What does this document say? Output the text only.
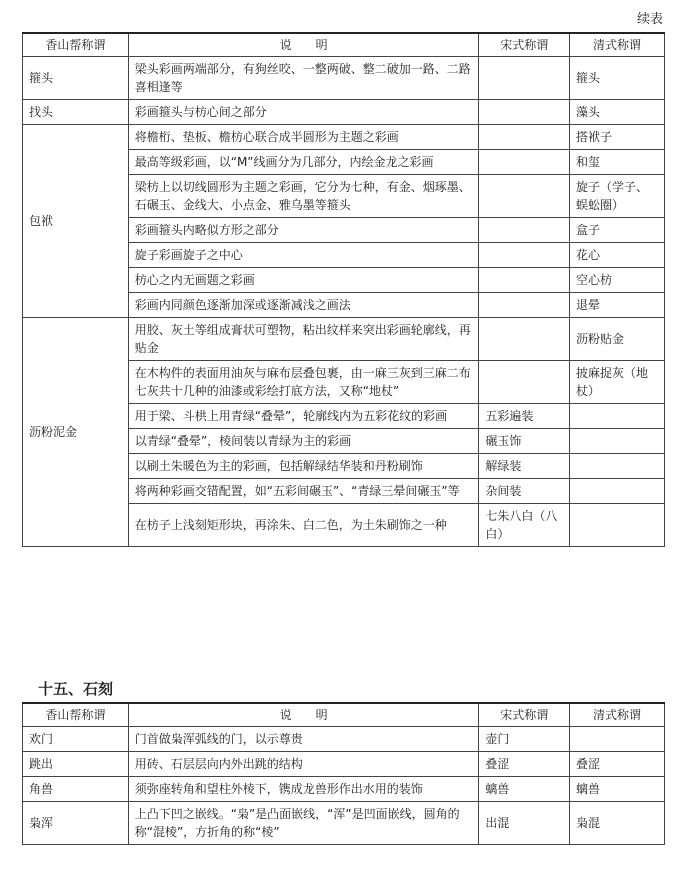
续表
香山帮称谓	说　　明	宋式称谓	清式称谓
箍头	梁头彩画两端部分，有狗丝咬、一整两破、整二破加一路、二路喜相逢等		箍头
找头	彩画箍头与枋心间之部分		藻头
包袱	将檐桁、垫板、檐枋心联合成半圆形为主题之彩画		搭袱子
	最高等级彩画，以“M”线画分为几部分，内绘金龙之彩画		和玺
	梁枋上以切线圆形为主题之彩画，它分为七种，有金、烟琢墨、石碾玉、金线大、小点金、雅乌墨等箍头		旋子（学子、蜈蚣圈）
	彩画箍头内略似方形之部分		盒子
	旋子彩画旋子之中心		花心
	枋心之内无画题之彩画		空心枋
	彩画内同颜色逐渐加深或逐渐减浅之画法		退晕
沥粉泥金	用胶、灰土等组成膏状可塑物，粘出纹样来突出彩画轮廓线，再贴金		沥粉贴金
	在木构件的表面用油灰与麻布层叠包裹，由一麻三灰到三麻二布七灰共十几种的油漆或彩绘打底方法，又称“地杖”		披麻捉灰（地杖）
	用于梁、斗栱上用青绿“叠晕”，轮廓线内为五彩花纹的彩画	五彩遍装	
	以青绿“叠晕”，棱间装以青绿为主的彩画	碾玉饰	
	以刷土朱暖色为主的彩画，包括解绿结华装和丹粉刷饰	解绿装	
	将两种彩画交错配置，如“五彩间碾玉”、“青绿三晕间碾玉”等	杂间装	
	在枋子上浅刻矩形块，再涂朱、白二色，为土朱刷饰之一种	七朱八白（八白）	
十五、石刻
香山帮称谓	说　　明	宋式称谓	清式称谓
欢门	门首做枭浑弧线的门，以示尊贵	壶门	
跳出	用砖、石层层向内外出跳的结构	叠涩	叠涩
角兽	须弥座转角和望柱外棱下，镌成龙兽形作出水用的装饰	螭兽	螭兽
枭浑	上凸下凹之嵌线。“枭”是凸面嵌线，“浑”是凹面嵌线，圆角的称“混棱”，方折角的称“棱”	出混	枭混
